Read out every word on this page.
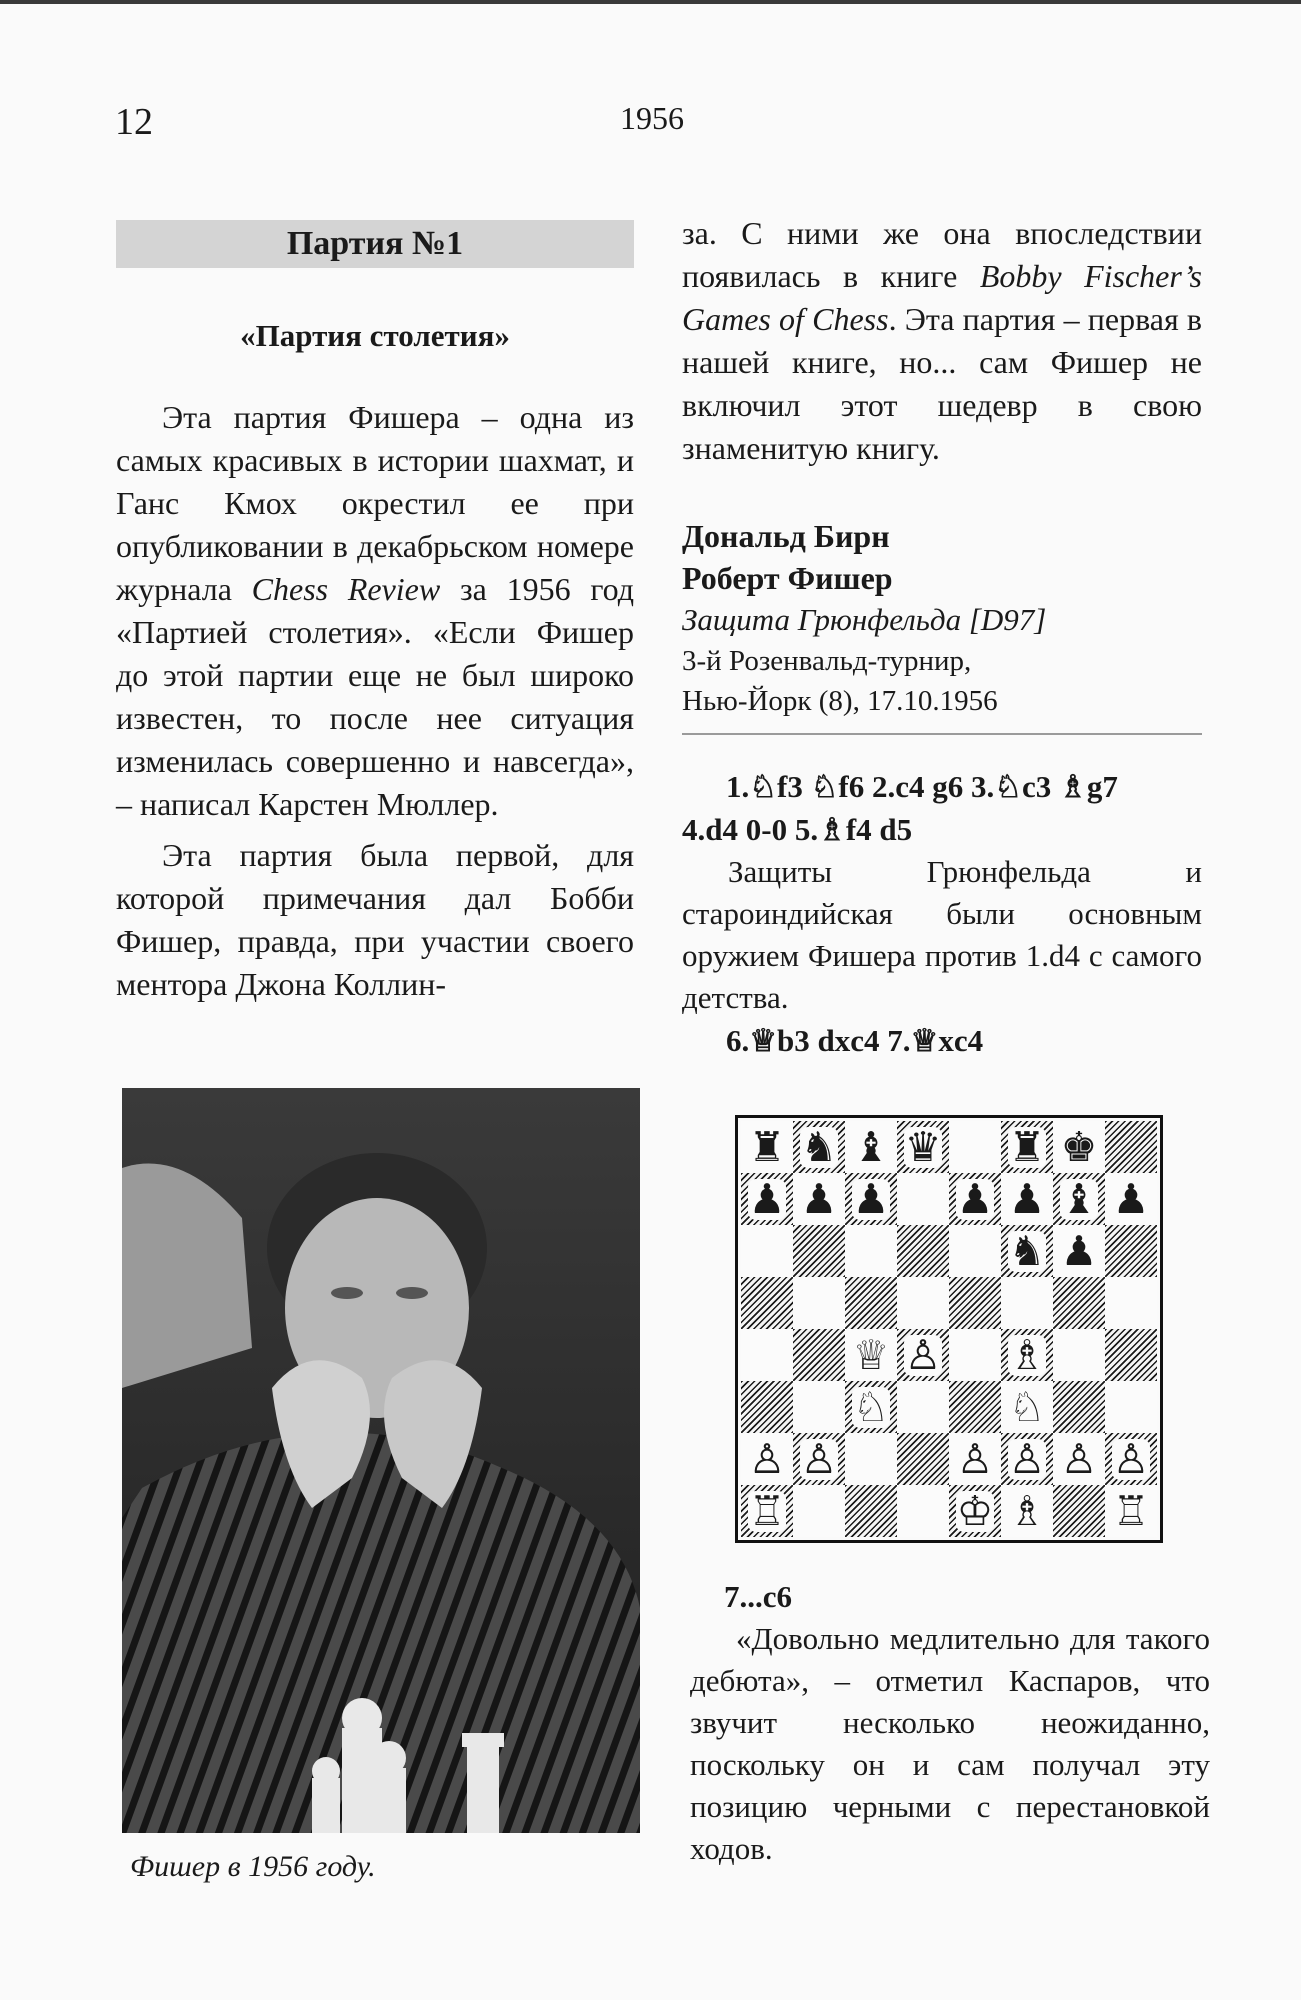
12	1956
Партия №1
«Партия столетия»

Эта партия Фишера – одна из самых красивых в истории шахмат, и Ганс Кмох окрестил ее при опубликовании в декабрьском номере журнала Chess Review за 1956 год «Партией столетия». «Если Фишер до этой партии еще не был широко известен, то после нее ситуация изменилась совершенно и навсегда», – написал Карстен Мюллер.

Эта партия была первой, для которой примечания дал Бобби Фишер, правда, при участии своего ментора Джона Коллин-

Фишер в 1956 году.

за. С ними же она впоследствии появилась в книге Bobby Fischer’s Games of Chess. Эта партия – первая в нашей книге, но... сам Фишер не включил этот шедевр в свою знаменитую книгу.

Дональд Бирн
Роберт Фишер
Защита Грюнфельда [D97]
3-й Розенвальд-турнир,
Нью-Йорк (8), 17.10.1956
1.♘f3 ♘f6 2.c4 g6 3.♘c3 ♗g7
4.d4 0-0 5.♗f4 d5

Защиты Грюнфельда и староиндийская были основным оружием Фишера против 1.d4 с самого детства.

6.♕b3 dxc4 7.♕xc4
♜ ♞ ♝ ♛ ♜ ♚
♟ ♟ ♟ ♟ ♟ ♝ ♟
♞ ♟
♕ ♙ ♗
♘	♘
♙ ♙	♙ ♙ ♙ ♙
♖	♔ ♗ ♖
7...c6

«Довольно медлительно для такого дебюта», – отметил Каспаров, что звучит несколько неожиданно, поскольку он и сам получал эту позицию черными с перестановкой ходов.
